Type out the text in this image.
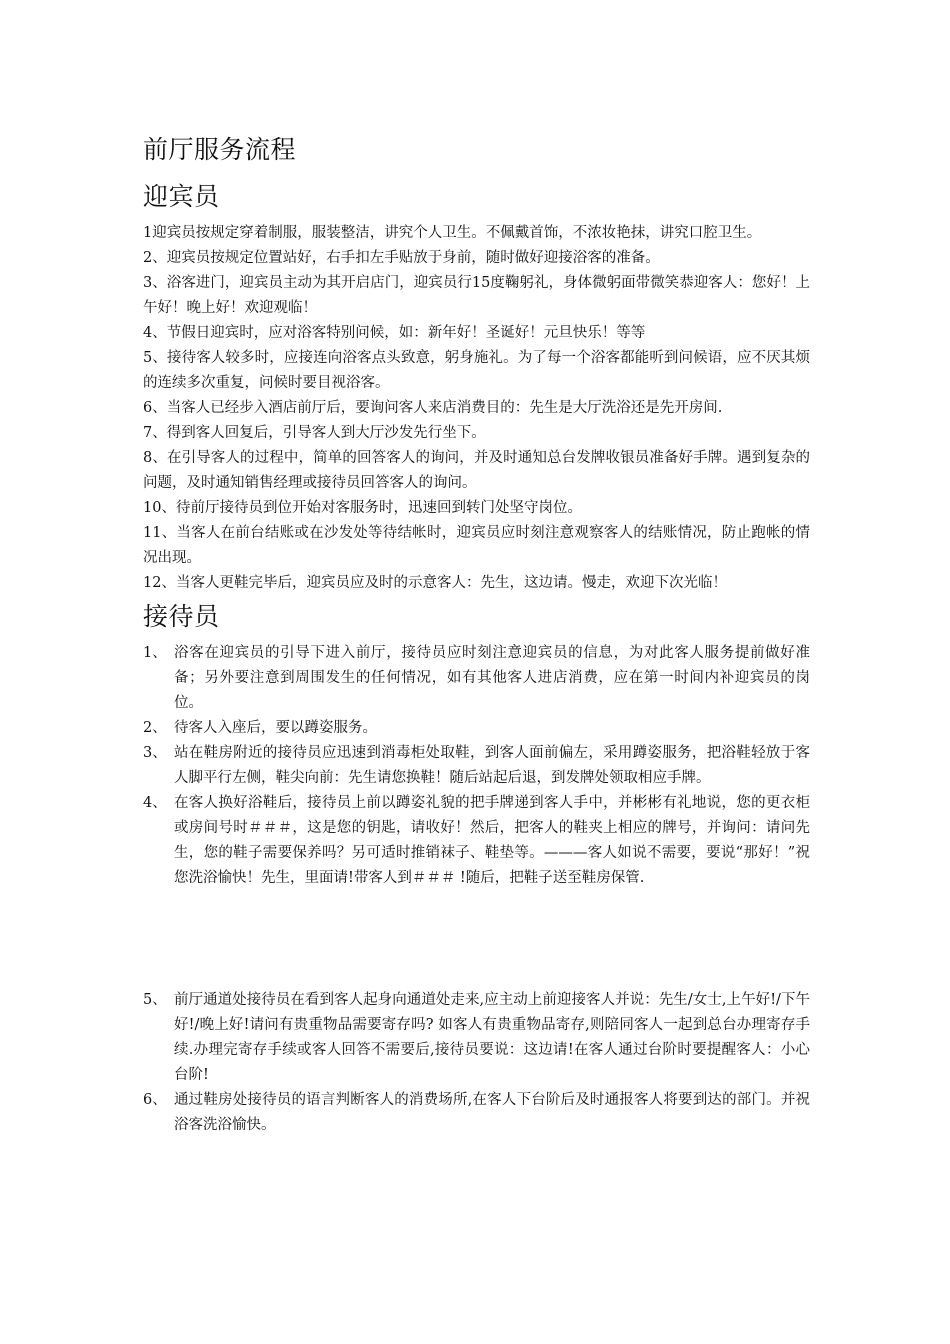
前厅服务流程
迎宾员

1迎宾员按规定穿着制服，服装整洁，讲究个人卫生。不佩戴首饰，不浓妆艳抹，讲究口腔卫生。

2、迎宾员按规定位置站好，右手扣左手贴放于身前，随时做好迎接浴客的准备。

3、浴客进门，迎宾员主动为其开启店门，迎宾员行15度鞠躬礼，身体微躬面带微笑恭迎客人：您好！上午好！晚上好！欢迎观临！

4、节假日迎宾时，应对浴客特别问候，如：新年好！圣诞好！元旦快乐！等等

5、接待客人较多时，应接连向浴客点头致意，躬身施礼。为了每一个浴客都能听到问候语，应不厌其烦的连续多次重复，问候时要目视浴客。

6、当客人已经步入酒店前厅后，要询问客人来店消费目的：先生是大厅洗浴还是先开房间.

7、得到客人回复后，引导客人到大厅沙发先行坐下。

8、在引导客人的过程中，简单的回答客人的询问，并及时通知总台发牌收银员准备好手牌。遇到复杂的问题，及时通知销售经理或接待员回答客人的询问。

10、待前厅接待员到位开始对客服务时，迅速回到转门处坚守岗位。

11、当客人在前台结账或在沙发处等待结帐时，迎宾员应时刻注意观察客人的结账情况，防止跑帐的情况出现。

12、当客人更鞋完毕后，迎宾员应及时的示意客人：先生，这边请。慢走，欢迎下次光临！

接待员
1、 浴客在迎宾员的引导下进入前厅，接待员应时刻注意迎宾员的信息，为对此客人服务提前做好准备；另外要注意到周围发生的任何情况，如有其他客人进店消费，应在第一时间内补迎宾员的岗位。
2、 待客人入座后，要以蹲姿服务。
3、 站在鞋房附近的接待员应迅速到消毒柜处取鞋，到客人面前偏左，采用蹲姿服务，把浴鞋轻放于客人脚平行左侧，鞋尖向前：先生请您换鞋！随后站起后退，到发牌处领取相应手牌。
4、 在客人换好浴鞋后，接待员上前以蹲姿礼貌的把手牌递到客人手中，并彬彬有礼地说，您的更衣柜或房间号时＃＃＃，这是您的钥匙，请收好！然后，把客人的鞋夹上相应的牌号，并询问：请问先生，您的鞋子需要保养吗？另可适时推销袜子、鞋垫等。———客人如说不需要，要说“那好！”祝您洗浴愉快！先生，里面请!带客人到＃＃＃ !随后，把鞋子送至鞋房保管.
5、 前厅通道处接待员在看到客人起身向通道处走来,应主动上前迎接客人并说：先生/女士,上午好!/下午好!/晚上好!请问有贵重物品需要寄存吗? 如客人有贵重物品寄存,则陪同客人一起到总台办理寄存手续.办理完寄存手续或客人回答不需要后,接待员要说：这边请!在客人通过台阶时要提醒客人：小心台阶!
6、 通过鞋房处接待员的语言判断客人的消费场所,在客人下台阶后及时通报客人将要到达的部门。并祝浴客洗浴愉快。
